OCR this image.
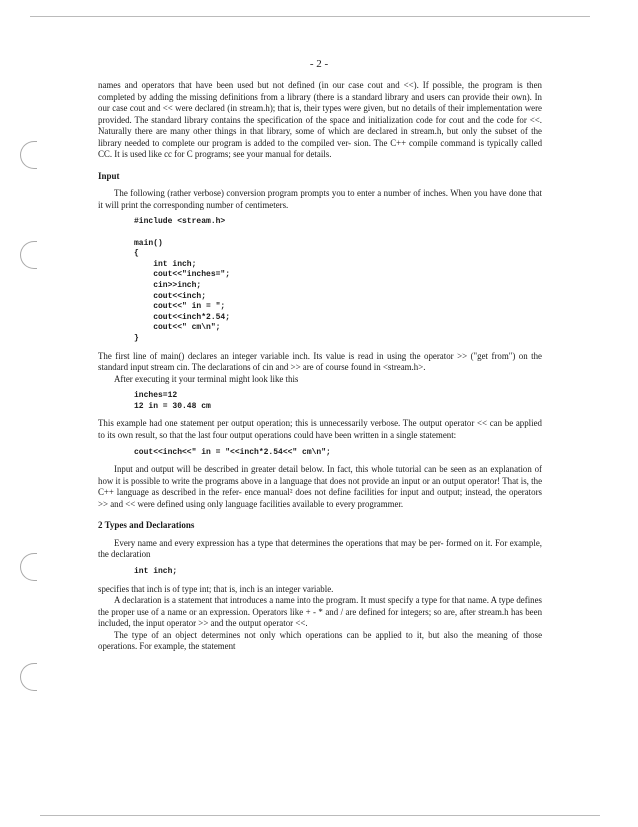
- 2 -

names and operators that have been used but not defined (in our case cout and <<). If possible, the program is then completed by adding the missing definitions from a library (there is a standard library and users can provide their own). In our case cout and << were declared (in stream.h); that is, their types were given, but no details of their implementation were provided. The standard library contains the specification of the space and initialization code for cout and the code for <<. Naturally there are many other things in that library, some of which are declared in stream.h, but only the subset of the library needed to complete our program is added to the compiled ver- sion. The C++ compile command is typically called CC. It is used like cc for C programs; see your manual for details.

Input

The following (rather verbose) conversion program prompts you to enter a number of inches. When you have done that it will print the corresponding number of centimeters.

#include <stream.h>

main()
{
int inch;
cout<<"inches=";
cin>>inch;
cout<<inch;
cout<<" in = ";
cout<<inch*2.54;
cout<<" cm\n";
}

The first line of main() declares an integer variable inch. Its value is read in using the operator >> ("get from") on the standard input stream cin. The declarations of cin and >> are of course found in <stream.h>.

After executing it your terminal might look like this

inches=12
12 in = 30.48 cm

This example had one statement per output operation; this is unnecessarily verbose. The output operator << can be applied to its own result, so that the last four output operations could have been written in a single statement:

cout<<inch<<" in = "<<inch*2.54<<" cm\n";

Input and output will be described in greater detail below. In fact, this whole tutorial can be seen as an explanation of how it is possible to write the programs above in a language that does not provide an input or an output operator! That is, the C++ language as described in the refer- ence manual² does not define facilities for input and output; instead, the operators >> and << were defined using only language facilities available to every programmer.

2 Types and Declarations

Every name and every expression has a type that determines the operations that may be per- formed on it. For example, the declaration

int inch;

specifies that inch is of type int; that is, inch is an integer variable.

A declaration is a statement that introduces a name into the program. It must specify a type for that name. A type defines the proper use of a name or an expression. Operators like + - * and / are defined for integers; so are, after stream.h has been included, the input operator >> and the output operator <<.

The type of an object determines not only which operations can be applied to it, but also the meaning of those operations. For example, the statement
